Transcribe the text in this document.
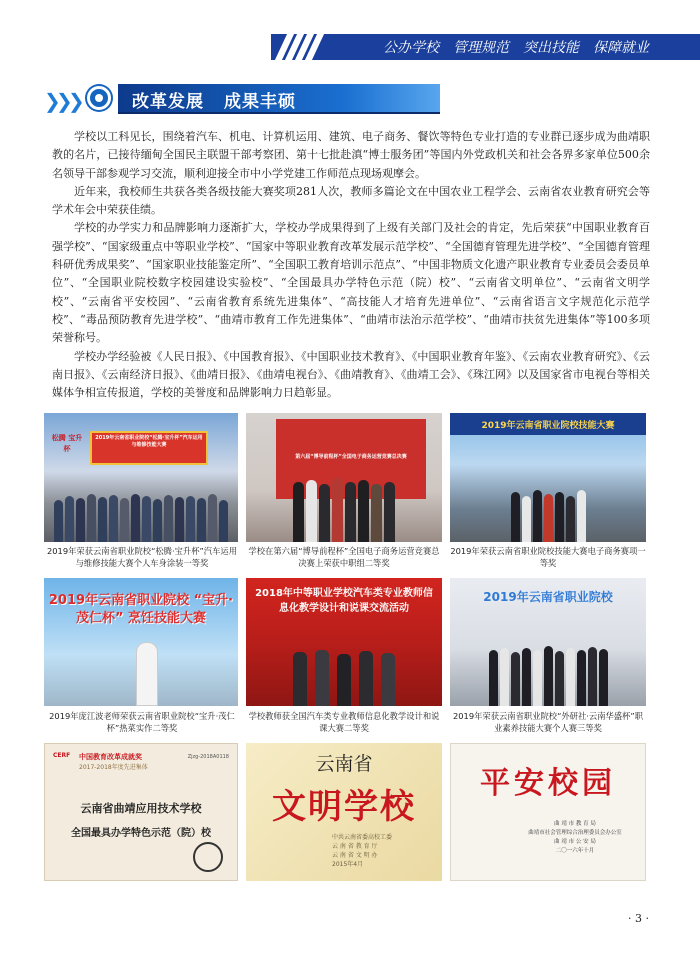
公办学校 管理规范 突出技能 保障就业
❯
❯
❯	改革发展 成果丰硕

学校以工科见长，围绕着汽车、机电、计算机运用、建筑、电子商务、餐饮等特色专业打造的专业群已逐步成为曲靖职教的名片，已接待缅甸全国民主联盟干部考察团、第十七批赴滇“博士服务团”等国内外党政机关和社会各界多家单位500余名领导干部参观学习交流，顺利迎接全市中小学党建工作师范点现场观摩会。

近年来，我校师生共获各类各级技能大赛奖项281人次，教师多篇论文在中国农业工程学会、云南省农业教育研究会等学术年会中荣获佳绩。

学校的办学实力和品牌影响力逐渐扩大，学校办学成果得到了上级有关部门及社会的肯定，先后荣获“中国职业教育百强学校”、“国家级重点中等职业学校”、“国家中等职业教育改革发展示范学校”、“全国德育管理先进学校”、“全国德育管理科研优秀成果奖”、“国家职业技能鉴定所”、“全国职工教育培训示范点”、“中国非物质文化遗产职业教育专业委员会委员单位”、“全国职业院校数字校园建设实验校”、“全国最具办学特色示范（院）校”、“云南省文明单位”、“云南省文明学校”、“云南省平安校园”、“云南省教育系统先进集体”、“高技能人才培育先进单位”、“云南省语言文字规范化示范学校”、“毒品预防教育先进学校”、“曲靖市教育工作先进集体”、“曲靖市法治示范学校”、“曲靖市扶贫先进集体”等100多项荣誉称号。

学校办学经验被《人民日报》、《中国教育报》、《中国职业技术教育》、《中国职业教育年鉴》、《云南农业教育研究》、《云南日报》、《云南经济日报》、《曲靖日报》、《曲靖电视台》、《曲靖教育》、《曲靖工会》、《珠江网》以及国家省市电视台等相关媒体争相宣传报道，学校的美誉度和品牌影响力日趋彰显。

2019年云南省职业院校“松腾·宝升杯”汽车运用与维修技能大赛
松腾 宝升杯
2019年荣获云南省职业院校“松腾·宝升杯”汽车运用与维修技能大赛个人车身涂装一等奖
第六届“博导前程杯”全国电子商务运营竞赛总决赛
学校在第六届“博导前程杯”全国电子商务运营竞赛总决赛上荣获中职组二等奖
2019年云南省职业院校技能大赛
2019年荣获云南省职业院校技能大赛电子商务赛项一等奖
2019年云南省职业院校 “宝升·茂仁杯” 烹饪技能大赛
2019年庞江波老师荣获云南省职业院校“宝升·茂仁杯”热菜实作二等奖
2018年中等职业学校汽车类专业教师信息化教学设计和说课交流活动
学校教师获全国汽车类专业教师信息化教学设计和说课大赛二等奖
2019年云南省职业院校
2019年荣获云南省职业院校“外研社·云南华盛杯”职业素养技能大赛个人赛三等奖
CERF	中国教育改革成就奖
2017-2018年度先进集体
Zjzg-2018A0118
云南省曲靖应用技术学校
全国最具办学特色示范（院）校
云南省
文明学校
中共云南省委高校工委
云 南 省 教 育 厅
云 南 省 文 明 办
2015年4月
平安校园
曲 靖 市 教 育 局
曲靖市社会管理综合治理委员会办公室
曲 靖 市 公 安 局
二〇一六年十月
· 3 ·
